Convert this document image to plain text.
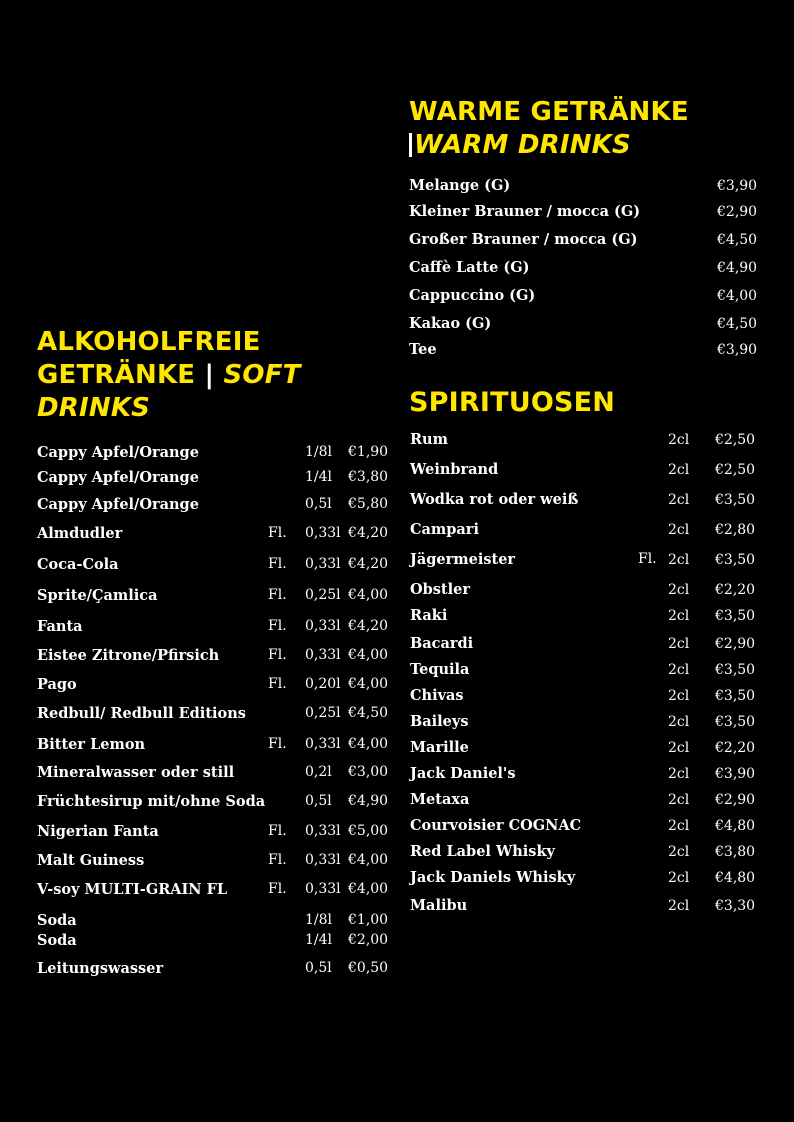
WARME GETRÄNKE
WARM DRINKS
Melange (G)	€3,90
Kleiner Brauner / mocca (G)	€2,90
Großer Brauner / mocca (G)	€4,50
Caffè Latte (G)	€4,90
Cappuccino (G)	€4,00
Kakao (G)	€4,50
Tee	€3,90
ALKOHOLFREIE
GETRÄNKE | SOFT
DRINKS
Cappy Apfel/Orange	1/8l €1,90
Cappy Apfel/Orange	1/4l €3,80
Cappy Apfel/Orange	0,5l €5,80
Almdudler	Fl. 0,33l €4,20
Coca-Cola	Fl. 0,33l €4,20
Sprite/Çamlica	Fl. 0,25l €4,00
Fanta	Fl. 0,33l €4,20
Eistee Zitrone/Pfirsich	Fl. 0,33l €4,00
Pago	Fl. 0,20l €4,00
Redbull/ Redbull Editions	0,25l €4,50
Bitter Lemon	Fl. 0,33l €4,00
Mineralwasser oder still	0,2l €3,00
Früchtesirup mit/ohne Soda	0,5l €4,90
Nigerian Fanta	Fl. 0,33l €5,00
Malt Guiness	Fl. 0,33l €4,00
V-soy MULTI-GRAIN FL	Fl. 0,33l €4,00
Soda	1/8l €1,00
Soda	1/4l €2,00
Leitungswasser	0,5l €0,50
SPIRITUOSEN
Rum	2cl €2,50
Weinbrand	2cl €2,50
Wodka rot oder weiß	2cl €3,50
Campari	2cl €2,80
Jägermeister	Fl. 2cl €3,50
Obstler	2cl €2,20
Raki	2cl €3,50
Bacardi	2cl €2,90
Tequila	2cl €3,50
Chivas	2cl €3,50
Baileys	2cl €3,50
Marille	2cl €2,20
Jack Daniel's	2cl €3,90
Metaxa	2cl €2,90
Courvoisier COGNAC	2cl €4,80
Red Label Whisky	2cl €3,80
Jack Daniels Whisky	2cl €4,80
Malibu	2cl €3,30
